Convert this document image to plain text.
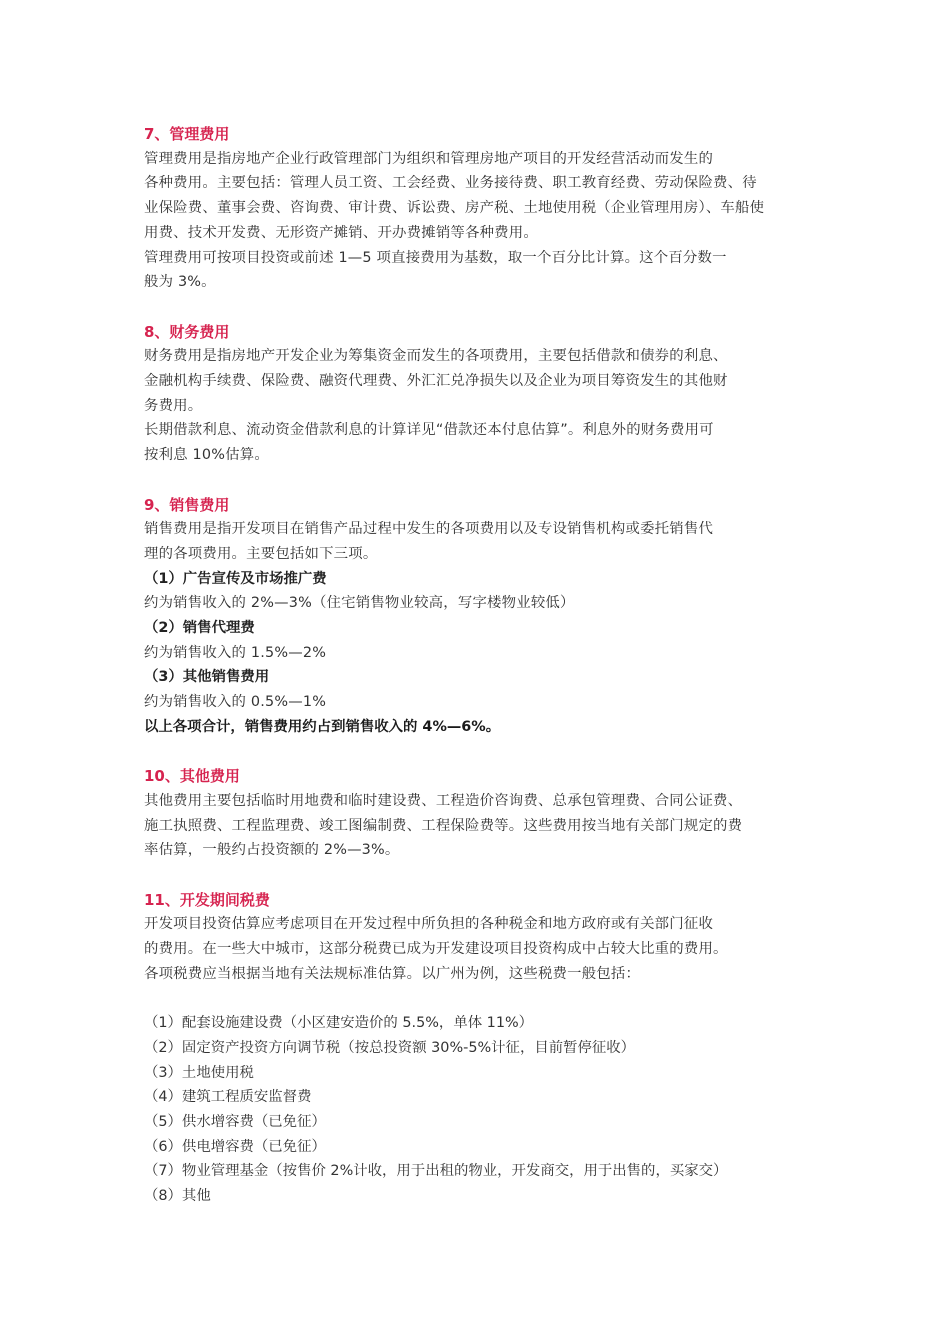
7、管理费用
管理费用是指房地产企业行政管理部门为组织和管理房地产项目的开发经营活动而发生的
各种费用。主要包括：管理人员工资、工会经费、业务接待费、职工教育经费、劳动保险费、待
业保险费、董事会费、咨询费、审计费、诉讼费、房产税、土地使用税（企业管理用房）、车船使
用费、技术开发费、无形资产摊销、开办费摊销等各种费用。
管理费用可按项目投资或前述 1—5 项直接费用为基数，取一个百分比计算。这个百分数一
般为 3%。
8、财务费用
财务费用是指房地产开发企业为筹集资金而发生的各项费用，主要包括借款和债券的利息、
金融机构手续费、保险费、融资代理费、外汇汇兑净损失以及企业为项目筹资发生的其他财
务费用。
长期借款利息、流动资金借款利息的计算详见“借款还本付息估算”。利息外的财务费用可
按利息 10%估算。
9、销售费用
销售费用是指开发项目在销售产品过程中发生的各项费用以及专设销售机构或委托销售代
理的各项费用。主要包括如下三项。
（1）广告宣传及市场推广费
约为销售收入的 2%—3%（住宅销售物业较高，写字楼物业较低）
（2）销售代理费
约为销售收入的 1.5%—2%
（3）其他销售费用
约为销售收入的 0.5%—1%
以上各项合计，销售费用约占到销售收入的 4%—6%。
10、其他费用
其他费用主要包括临时用地费和临时建设费、工程造价咨询费、总承包管理费、合同公证费、
施工执照费、工程监理费、竣工图编制费、工程保险费等。这些费用按当地有关部门规定的费
率估算，一般约占投资额的 2%—3%。
11、开发期间税费
开发项目投资估算应考虑项目在开发过程中所负担的各种税金和地方政府或有关部门征收
的费用。在一些大中城市，这部分税费已成为开发建设项目投资构成中占较大比重的费用。
各项税费应当根据当地有关法规标准估算。以广州为例，这些税费一般包括：
（1）配套设施建设费（小区建安造价的 5.5%，单体 11%）
（2）固定资产投资方向调节税（按总投资额 30%-5%计征，目前暂停征收）
（3）土地使用税
（4）建筑工程质安监督费
（5）供水增容费（已免征）
（6）供电增容费（已免征）
（7）物业管理基金（按售价 2%计收，用于出租的物业，开发商交，用于出售的，买家交）
（8）其他
